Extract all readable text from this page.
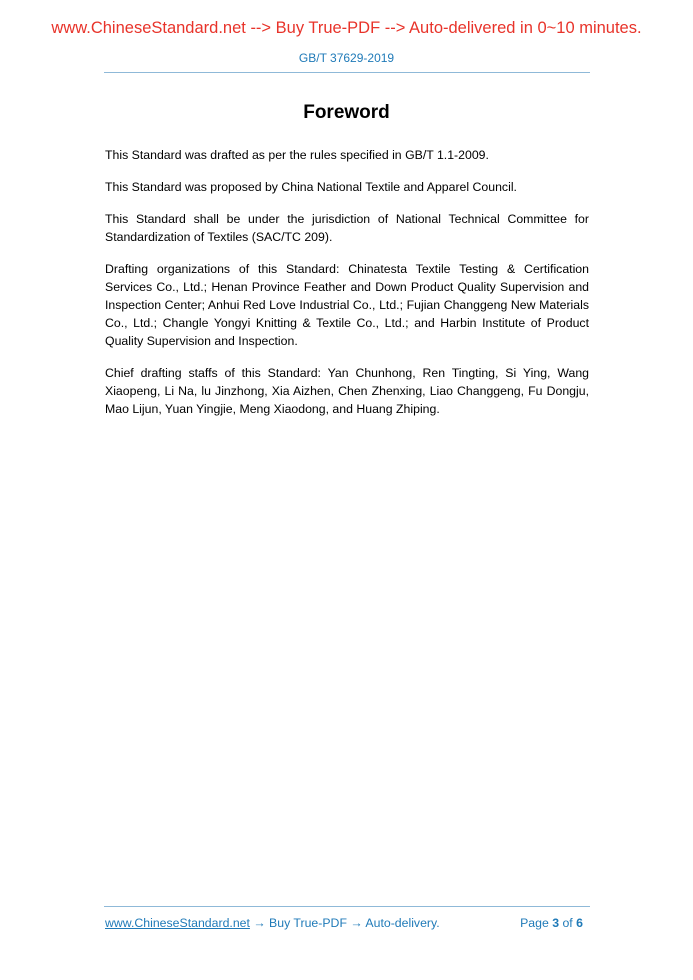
www.ChineseStandard.net --> Buy True-PDF --> Auto-delivered in 0~10 minutes.
GB/T 37629-2019
Foreword

This Standard was drafted as per the rules specified in GB/T 1.1-2009.

This Standard was proposed by China National Textile and Apparel Council.

This Standard shall be under the jurisdiction of National Technical Committee for Standardization of Textiles (SAC/TC 209).

Drafting organizations of this Standard: Chinatesta Textile Testing & Certification Services Co., Ltd.; Henan Province Feather and Down Product Quality Supervision and Inspection Center; Anhui Red Love Industrial Co., Ltd.; Fujian Changgeng New Materials Co., Ltd.; Changle Yongyi Knitting & Textile Co., Ltd.; and Harbin Institute of Product Quality Supervision and Inspection.

Chief drafting staffs of this Standard: Yan Chunhong, Ren Tingting, Si Ying, Wang Xiaopeng, Li Na, lu Jinzhong, Xia Aizhen, Chen Zhenxing, Liao Changgeng, Fu Dongju, Mao Lijun, Yuan Yingjie, Meng Xiaodong, and Huang Zhiping.

www.ChineseStandard.net → Buy True-PDF → Auto-delivery.	Page 3 of 6
